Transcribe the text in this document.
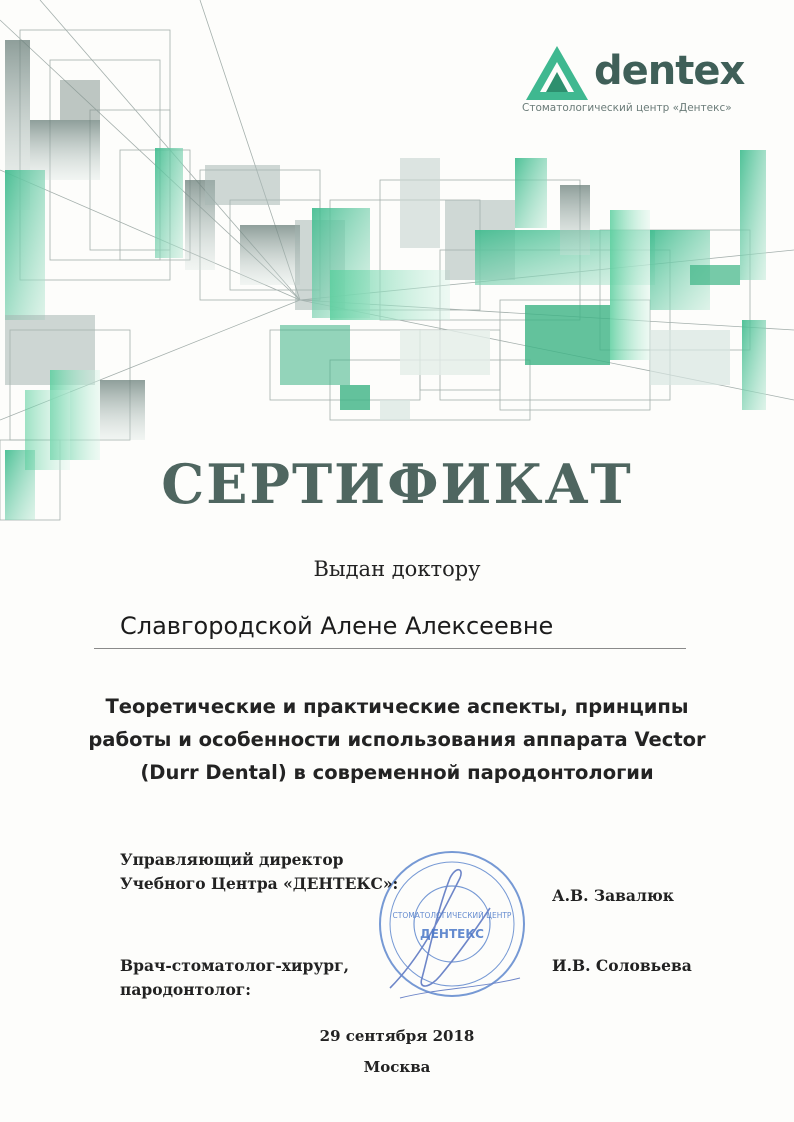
dentex
Стоматологический центр «Дентекс»
СЕРТИФИКАТ
Выдан доктору
Славгородской Алене Алексеевне
Теоретические и практические аспекты, принципы
работы и особенности использования аппарата Vector
(Durr Dental) в современной пародонтологии
СТОМАТОЛОГИЧЕСКИЙ ЦЕНТР
ДЕНТЕКС
Управляющий директор
Учебного Центра «ДЕНТЕКС»:
А.В. Завалюк
Врач-стоматолог-хирург,
пародонтолог:
И.В. Соловьева
29 сентября 2018
Москва
